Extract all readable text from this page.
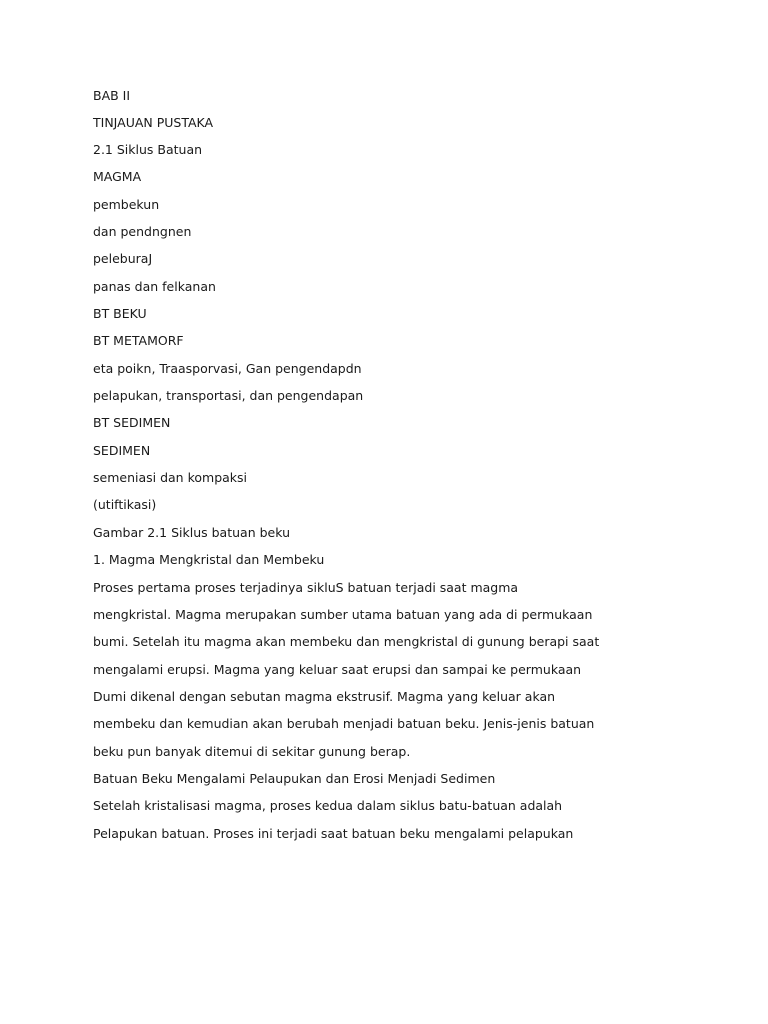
BAB II
TINJAUAN PUSTAKA
2.1 Siklus Batuan
MAGMA
pembekun
dan pendngnen
peleburaJ
panas dan felkanan
BT BEKU
BT METAMORF
eta poikn, Traasporvasi, Gan pengendapdn
pelapukan, transportasi, dan pengendapan
BT SEDIMEN
SEDIMEN
semeniasi dan kompaksi
(utiftikasi)
Gambar 2.1 Siklus batuan beku
1. Magma Mengkristal dan Membeku
Proses pertama proses terjadinya sikluS batuan terjadi saat magma
mengkristal. Magma merupakan sumber utama batuan yang ada di permukaan
bumi. Setelah itu magma akan membeku dan mengkristal di gunung berapi saat
mengalami erupsi. Magma yang keluar saat erupsi dan sampai ke permukaan
Dumi dikenal dengan sebutan magma ekstrusif. Magma yang keluar akan
membeku dan kemudian akan berubah menjadi batuan beku. Jenis-jenis batuan
beku pun banyak ditemui di sekitar gunung berap.
Batuan Beku Mengalami Pelaupukan dan Erosi Menjadi Sedimen
Setelah kristalisasi magma, proses kedua dalam siklus batu-batuan adalah
Pelapukan batuan. Proses ini terjadi saat batuan beku mengalami pelapukan
